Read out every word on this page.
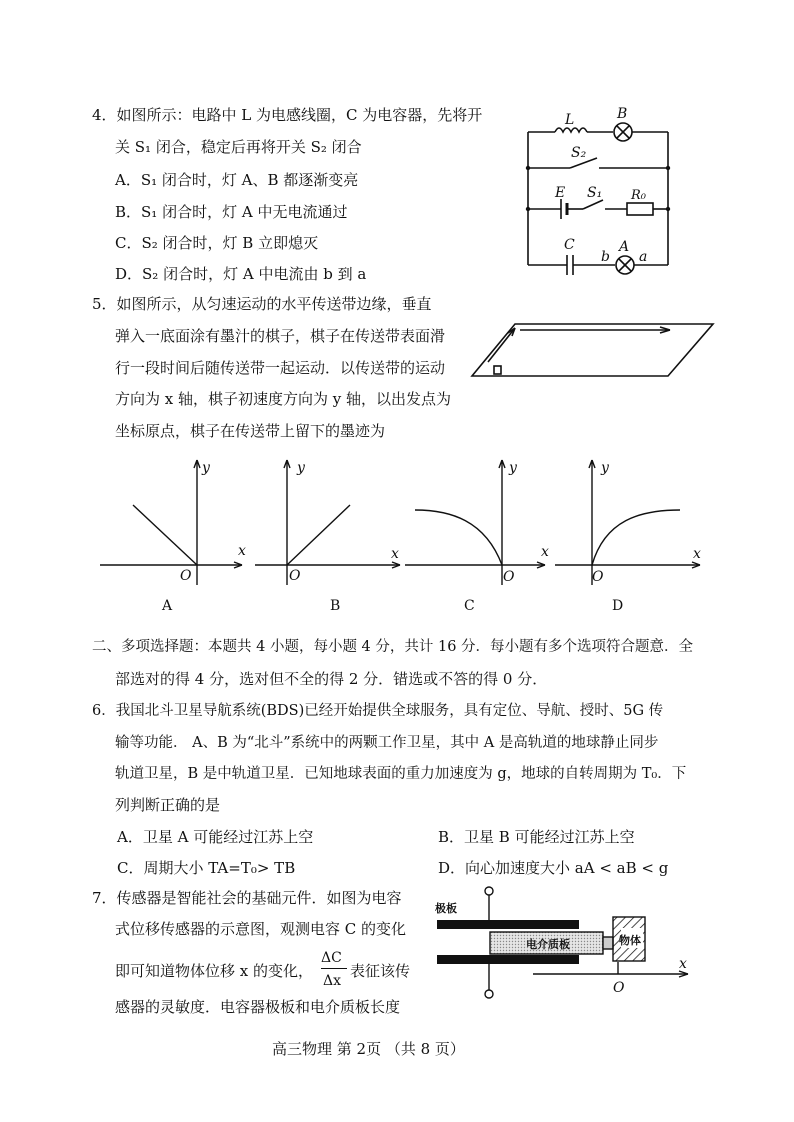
4．如图所示：电路中 L 为电感线圈，C 为电容器，先将开
关 S₁ 闭合，稳定后再将开关 S₂ 闭合
A．S₁ 闭合时，灯 A、B 都逐渐变亮
B．S₁ 闭合时，灯 A 中无电流通过
C．S₂ 闭合时，灯 B 立即熄灭
D．S₂ 闭合时，灯 A 中电流由 b 到 a
L	B
S₂
E S₁ R₀
C
b
A
a
5．如图所示，从匀速运动的水平传送带边缘，垂直
弹入一底面涂有墨汁的棋子，棋子在传送带表面滑
行一段时间后随传送带一起运动．以传送带的运动
方向为 x 轴，棋子初速度方向为 y 轴，以出发点为
坐标原点，棋子在传送带上留下的墨迹为
y
x
O
y
x
O
y
x
O
y
x
O
A	B	C	D
二、多项选择题：本题共 4 小题，每小题 4 分，共计 16 分．每小题有多个选项符合题意．全
部选对的得 4 分，选对但不全的得 2 分．错选或不答的得 0 分．
6．我国北斗卫星导航系统(BDS)已经开始提供全球服务，具有定位、导航、授时、5G 传
输等功能． A、B 为“北斗”系统中的两颗工作卫星，其中 A 是高轨道的地球静止同步
轨道卫星，B 是中轨道卫星．已知地球表面的重力加速度为 g，地球的自转周期为 T₀．下
列判断正确的是
A．卫星 A 可能经过江苏上空	B．卫星 B 可能经过江苏上空
C．周期大小 TA=T₀> TB	D．向心加速度大小 aA < aB < g
7．传感器是智能社会的基础元件．如图为电容
式位移传感器的示意图，观测电容 C 的变化
即可知道物体位移 x 的变化，
ΔC
Δx
表征该传
感器的灵敏度．电容器极板和电介质板长度
极板
电介质板	物体
x
O
高三物理 第 2页 （共 8 页）
